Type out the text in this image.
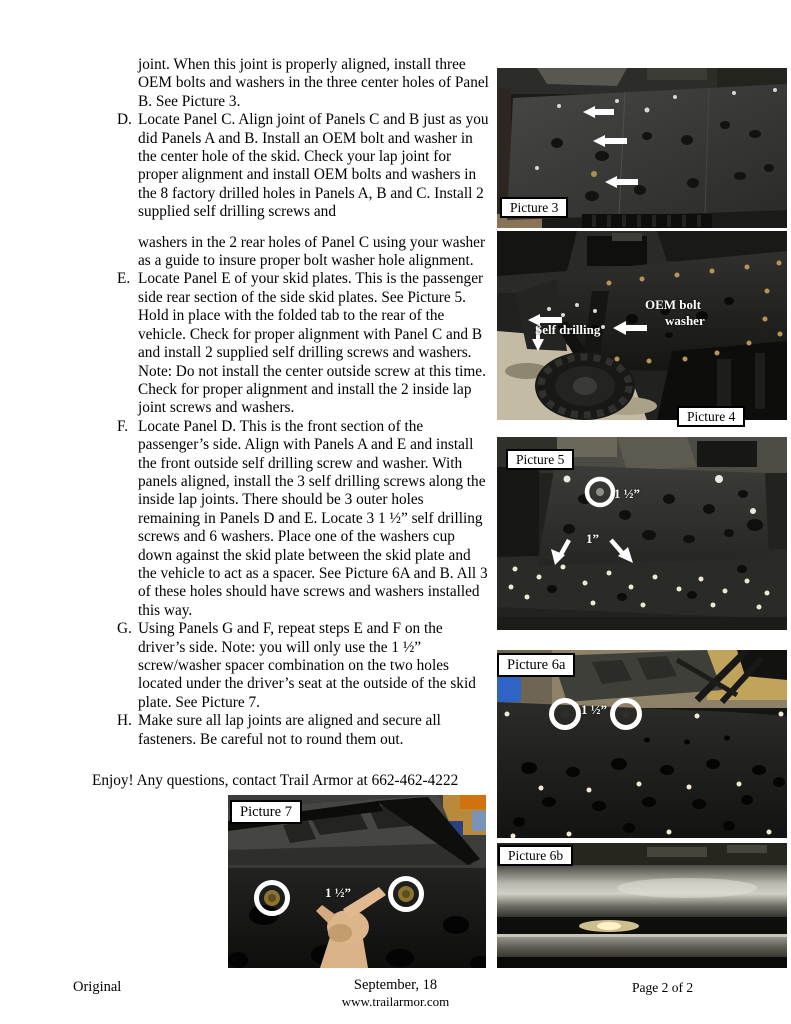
joint. When this joint is properly aligned, install three OEM bolts and washers in the three center holes of Panel B. See Picture 3.
D. Locate Panel C. Align joint of Panels C and B just as you did Panels A and B. Install an OEM bolt and washer in the center hole of the skid. Check your lap joint for proper alignment and install OEM bolts and washers in the 8 factory drilled holes in Panels A, B and C. Install 2 supplied self drilling screws and
washers in the 2 rear holes of Panel C using your washer as a guide to insure proper bolt washer hole alignment.
E. Locate Panel E of your skid plates. This is the passenger side rear section of the side skid plates. See Picture 5. Hold in place with the folded tab to the rear of the vehicle. Check for proper alignment with Panel C and B and install 2 supplied self drilling screws and washers. Note: Do not install the center outside screw at this time. Check for proper alignment and install the 2 inside lap joint screws and washers.
F. Locate Panel D. This is the front section of the passenger’s side. Align with Panels A and E and install the front outside self drilling screw and washer. With panels aligned, install the 3 self drilling screws along the inside lap joints. There should be 3 outer holes remaining in Panels D and E. Locate 3 1 ½” self drilling screws and 6 washers. Place one of the washers cup down against the skid plate between the skid plate and the vehicle to act as a spacer. See Picture 6A and B. All 3 of these holes should have screws and washers installed this way.
G. Using Panels G and F, repeat steps E and F on the driver’s side. Note: you will only use the 1 ½” screw/washer spacer combination on the two holes located under the driver’s seat at the outside of the skid plate. See Picture 7.
H. Make sure all lap joints are aligned and secure all fasteners. Be careful not to round them out.
Enjoy! Any questions, contact Trail Armor at 662-462-4222
Picture 3
Picture 4
Picture 5
Picture 6a
Picture 6b
Picture 7
OEM bolt
washer
Self drilling
1 ½”
1”
1 ½”
1 ½”
Original	September, 18
www.trailarmor.com
Page 2 of 2
